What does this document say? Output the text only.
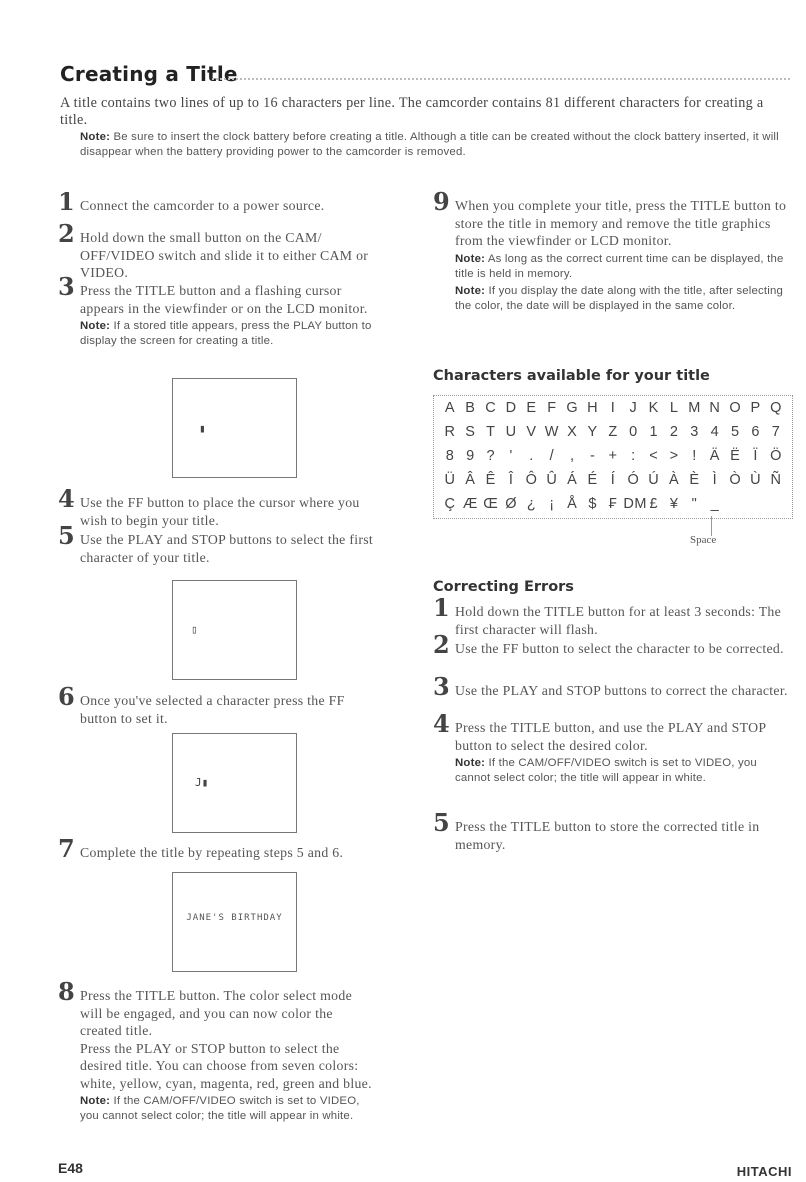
Creating a Title
A title contains two lines of up to 16 characters per line. The camcorder contains 81 different characters for creating a title.
Note: Be sure to insert the clock battery before creating a title. Although a title can be created without the clock battery inserted, it will disappear when the battery providing power to the camcorder is removed.
1 Connect the camcorder to a power source.
2 Hold down the small button on the CAM/ OFF/VIDEO switch and slide it to either CAM or VIDEO.
3 Press the TITLE button and a flashing cursor appears in the viewfinder or on the LCD monitor.
Note: If a stored title appears, press the PLAY button to display the screen for creating a title.
▮
4 Use the FF button to place the cursor where you wish to begin your title.
5 Use the PLAY and STOP buttons to select the first character of your title.
▯
6 Once you've selected a character press the FF button to set it.
J▮
7 Complete the title by repeating steps 5 and 6.
JANE'S BIRTHDAY
8 Press the TITLE button. The color select mode will be engaged, and you can now color the created title.
Press the PLAY or STOP button to select the desired title. You can choose from seven colors: white, yellow, cyan, magenta, red, green and blue.
Note: If the CAM/OFF/VIDEO switch is set to VIDEO, you cannot select color; the title will appear in white.
9 When you complete your title, press the TITLE button to store the title in memory and remove the title graphics from the viewfinder or LCD monitor.
Note: As long as the correct current time can be displayed, the title is held in memory.
Note: If you display the date along with the title, after selecting the color, the date will be displayed in the same color.
Characters available for your title
A B C D E F G H I J K L M N O P Q
R S T U V W X Y Z 0 1 2 3 4 5 6 7
8 9 ? '	.	/	,	- + : < > ! Ä Ë Ï Ö
Ü Â Ê Î Ô Û Á É Í Ó Ú À È Ì Ò Ù Ñ
Ç Æ Œ Ø ¿ ¡ Å $ ₣ DM £ ¥ " _
Space
Correcting Errors
1 Hold down the TITLE button for at least 3 seconds: The first character will flash.
2 Use the FF button to select the character to be corrected.
3 Use the PLAY and STOP buttons to correct the character.
4 Press the TITLE button, and use the PLAY and STOP button to select the desired color.
Note: If the CAM/OFF/VIDEO switch is set to VIDEO, you cannot select color; the title will appear in white.
5 Press the TITLE button to store the corrected title in memory.
E48	HITACHI
